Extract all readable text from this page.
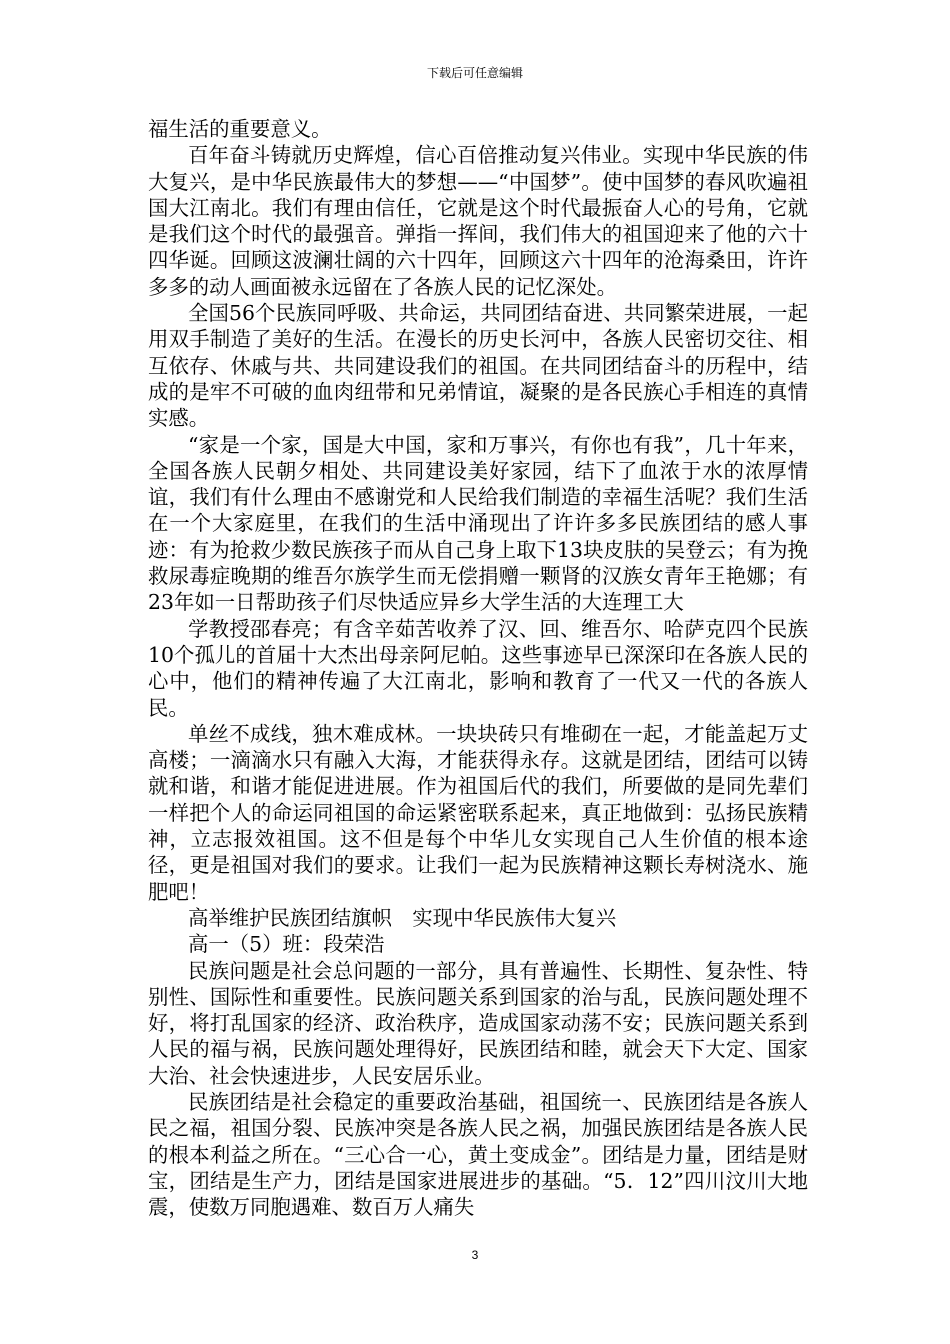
下载后可任意编辑

福生活的重要意义。

百年奋斗铸就历史辉煌，信心百倍推动复兴伟业。实现中华民族的伟大复兴，是中华民族最伟大的梦想——“中国梦”。使中国梦的春风吹遍祖国大江南北。我们有理由信任，它就是这个时代最振奋人心的号角，它就是我们这个时代的最强音。弹指一挥间，我们伟大的祖国迎来了他的六十四华诞。回顾这波澜壮阔的六十四年，回顾这六十四年的沧海桑田，许许多多的动人画面被永远留在了各族人民的记忆深处。

全国56个民族同呼吸、共命运，共同团结奋进、共同繁荣进展，一起用双手制造了美好的生活。在漫长的历史长河中，各族人民密切交往、相互依存、休戚与共、共同建设我们的祖国。在共同团结奋斗的历程中，结成的是牢不可破的血肉纽带和兄弟情谊，凝聚的是各民族心手相连的真情实感。

“家是一个家，国是大中国，家和万事兴，有你也有我”，几十年来，全国各族人民朝夕相处、共同建设美好家园，结下了血浓于水的浓厚情谊，我们有什么理由不感谢党和人民给我们制造的幸福生活呢？我们生活在一个大家庭里，在我们的生活中涌现出了许许多多民族团结的感人事迹：有为抢救少数民族孩子而从自己身上取下13块皮肤的吴登云；有为挽救尿毒症晚期的维吾尔族学生而无偿捐赠一颗肾的汉族女青年王艳娜；有23年如一日帮助孩子们尽快适应异乡大学生活的大连理工大

学教授邵春亮；有含辛茹苦收养了汉、回、维吾尔、哈萨克四个民族10个孤儿的首届十大杰出母亲阿尼帕。这些事迹早已深深印在各族人民的心中，他们的精神传遍了大江南北，影响和教育了一代又一代的各族人民。

单丝不成线，独木难成林。一块块砖只有堆砌在一起，才能盖起万丈高楼；一滴滴水只有融入大海，才能获得永存。这就是团结，团结可以铸就和谐，和谐才能促进进展。作为祖国后代的我们，所要做的是同先辈们一样把个人的命运同祖国的命运紧密联系起来，真正地做到：弘扬民族精神，立志报效祖国。这不但是每个中华儿女实现自己人生价值的根本途径，更是祖国对我们的要求。让我们一起为民族精神这颗长寿树浇水、施肥吧！

高举维护民族团结旗帜　实现中华民族伟大复兴

高一（5）班：段荣浩

民族问题是社会总问题的一部分，具有普遍性、长期性、复杂性、特别性、国际性和重要性。民族问题关系到国家的治与乱，民族问题处理不好，将打乱国家的经济、政治秩序，造成国家动荡不安；民族问题关系到人民的福与祸，民族问题处理得好，民族团结和睦，就会天下大定、国家大治、社会快速进步，人民安居乐业。

民族团结是社会稳定的重要政治基础，祖国统一、民族团结是各族人民之福，祖国分裂、民族冲突是各族人民之祸，加强民族团结是各族人民的根本利益之所在。“三心合一心，黄土变成金”。团结是力量，团结是财宝，团结是生产力，团结是国家进展进步的基础。“5．12”四川汶川大地震，使数万同胞遇难、数百万人痛失

3
